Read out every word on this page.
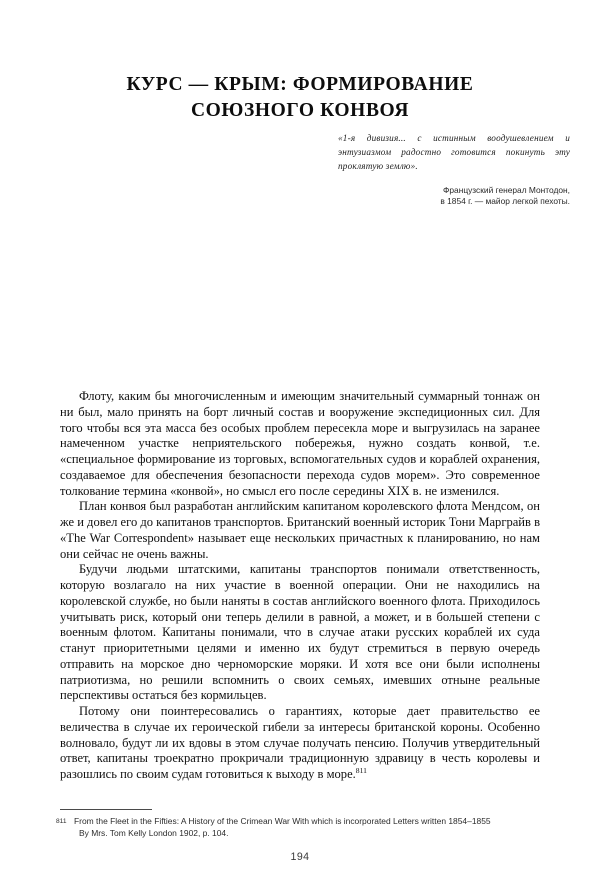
КУРС — КРЫМ: ФОРМИРОВАНИЕ
СОЮЗНОГО КОНВОЯ
«1-я дивизия... с истинным воодушевлением и энтузиазмом радостно готовится покинуть эту проклятую землю».
Французский генерал Монтодон,
в 1854 г. — майор легкой пехоты.

Флоту, каким бы многочисленным и имеющим значительный суммарный тоннаж он ни был, мало принять на борт личный состав и вооружение экспедиционных сил. Для того чтобы вся эта масса без особых проблем пересекла море и выгрузилась на заранее намеченном участке неприятельского побережья, нужно создать конвой, т.е. «специальное формирование из торговых, вспомогательных судов и кораблей охранения, создаваемое для обеспечения безопасности перехода судов морем». Это современное толкование термина «конвой», но смысл его после середины XIX в. не изменился.

План конвоя был разработан английским капитаном королевского флота Мендсом, он же и довел его до капитанов транспортов. Британский военный историк Тони Марграйв в «The War Correspondent» называет еще нескольких причастных к планированию, но нам они сейчас не очень важны.

Будучи людьми штатскими, капитаны транспортов понимали ответственность, которую возлагало на них участие в военной операции. Они не находились на королевской службе, но были наняты в состав английского военного флота. Приходилось учитывать риск, который они теперь делили в равной, а может, и в большей степени с военным флотом. Капитаны понимали, что в случае атаки русских кораблей их суда станут приоритетными целями и именно их будут стремиться в первую очередь отправить на морское дно черноморские моряки. И хотя все они были исполнены патриотизма, но решили вспомнить о своих семьях, имевших отныне реальные перспективы остаться без кормильцев.

Потому они поинтересовались о гарантиях, которые дает правительство ее величества в случае их героической гибели за интересы британской короны. Особенно волновало, будут ли их вдовы в этом случае получать пенсию. Получив утвердительный ответ, капитаны троекратно прокричали традиционную здравицу в честь королевы и разошлись по своим судам готовиться к выходу в море.$^{811}$

811 From the Fleet in the Fifties: A History of the Crimean War With which is incorporated Letters written 1854–1855
By Mrs. Tom Kelly London 1902, p. 104.
194
